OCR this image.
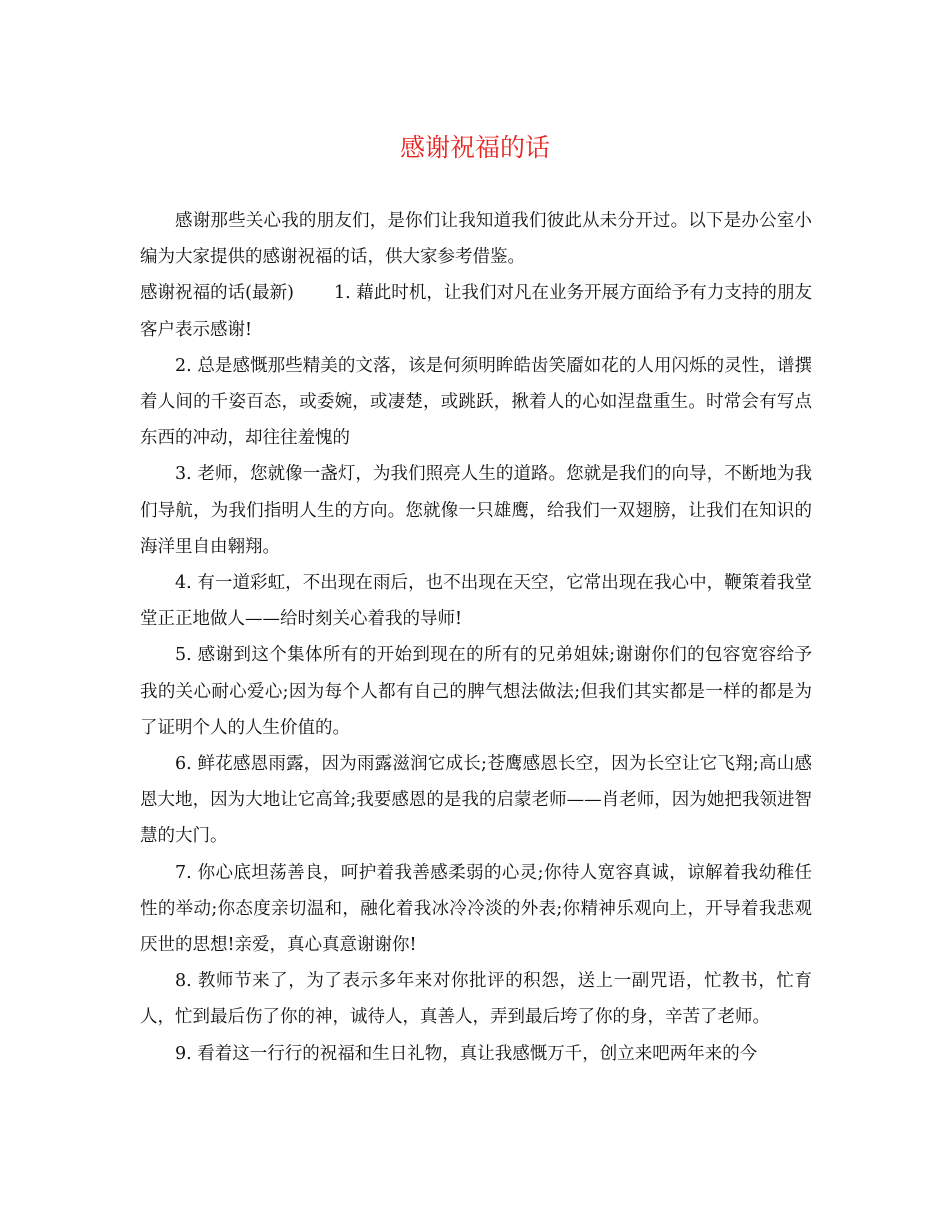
感谢祝福的话

感谢那些关心我的朋友们，是你们让我知道我们彼此从未分开过。以下是办公室小编为大家提供的感谢祝福的话，供大家参考借鉴。

感谢祝福的话(最新) 1. 藉此时机，让我们对凡在业务开展方面给予有力支持的朋友客户表示感谢!

2. 总是感慨那些精美的文落，该是何须明眸皓齿笑靥如花的人用闪烁的灵性，谱撰着人间的千姿百态，或委婉，或凄楚，或跳跃，揪着人的心如涅盘重生。时常会有写点东西的冲动，却往往羞愧的

3. 老师，您就像一盏灯，为我们照亮人生的道路。您就是我们的向导，不断地为我们导航，为我们指明人生的方向。您就像一只雄鹰，给我们一双翅膀，让我们在知识的海洋里自由翱翔。

4. 有一道彩虹，不出现在雨后，也不出现在天空，它常出现在我心中，鞭策着我堂堂正正地做人——给时刻关心着我的导师!

5. 感谢到这个集体所有的开始到现在的所有的兄弟姐妹;谢谢你们的包容宽容给予我的关心耐心爱心;因为每个人都有自己的脾气想法做法;但我们其实都是一样的都是为了证明个人的人生价值的。

6. 鲜花感恩雨露，因为雨露滋润它成长;苍鹰感恩长空，因为长空让它飞翔;高山感恩大地，因为大地让它高耸;我要感恩的是我的启蒙老师——肖老师，因为她把我领进智慧的大门。

7. 你心底坦荡善良，呵护着我善感柔弱的心灵;你待人宽容真诚，谅解着我幼稚任性的举动;你态度亲切温和，融化着我冰冷冷淡的外表;你精神乐观向上，开导着我悲观厌世的思想!亲爱，真心真意谢谢你!

8. 教师节来了，为了表示多年来对你批评的积怨，送上一副咒语，忙教书，忙育人，忙到最后伤了你的神，诚待人，真善人，弄到最后垮了你的身，辛苦了老师。

9. 看着这一行行的祝福和生日礼物，真让我感慨万千，创立来吧两年来的今
